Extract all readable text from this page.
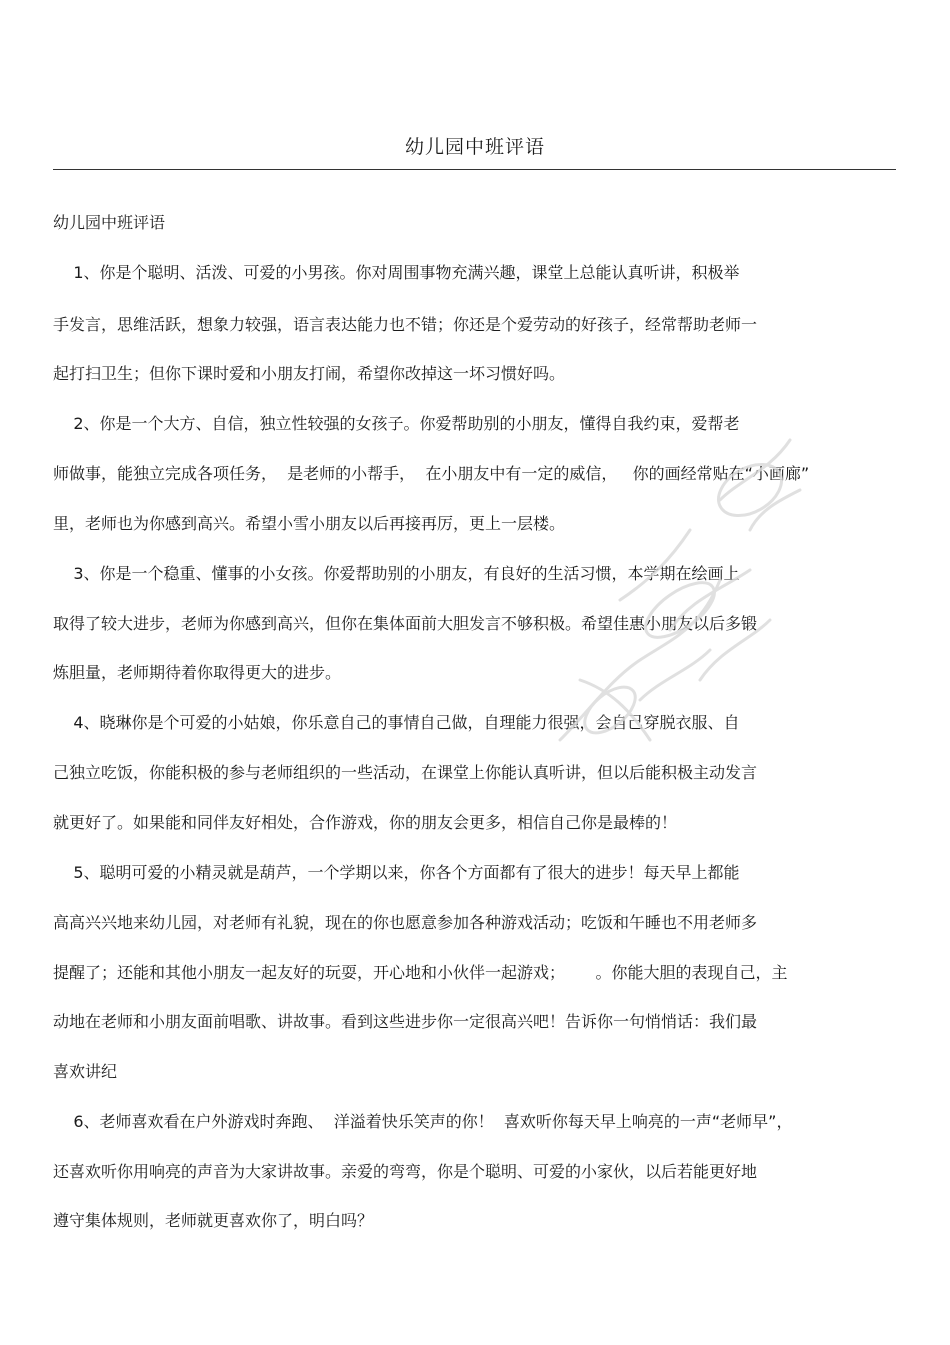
幼儿园中班评语
幼儿园中班评语
1、你是个聪明、活泼、可爱的小男孩。你对周围事物充满兴趣，课堂上总能认真听讲，积极举
手发言，思维活跃，想象力较强，语言表达能力也不错；你还是个爱劳动的好孩子，经常帮助老师一
起打扫卫生；但你下课时爱和小朋友打闹，希望你改掉这一坏习惯好吗。
2、你是一个大方、自信，独立性较强的女孩子。你爱帮助别的小朋友，懂得自我约束，爱帮老
师做事，能独立完成各项任务，  是老师的小帮手，  在小朋友中有一定的威信，   你的画经常贴在“小画廊”
里，老师也为你感到高兴。希望小雪小朋友以后再接再厉，更上一层楼。
3、你是一个稳重、懂事的小女孩。你爱帮助别的小朋友，有良好的生活习惯，本学期在绘画上
取得了较大进步，老师为你感到高兴，但你在集体面前大胆发言不够积极。希望佳惠小朋友以后多锻
炼胆量，老师期待着你取得更大的进步。
4、晓琳你是个可爱的小姑娘，你乐意自己的事情自己做，自理能力很强，会自己穿脱衣服、自
己独立吃饭，你能积极的参与老师组织的一些活动，在课堂上你能认真听讲，但以后能积极主动发言
就更好了。如果能和同伴友好相处，合作游戏，你的朋友会更多，相信自己你是最棒的！
5、聪明可爱的小精灵就是葫芦，一个学期以来，你各个方面都有了很大的进步！每天早上都能
高高兴兴地来幼儿园，对老师有礼貌，现在的你也愿意参加各种游戏活动；吃饭和午睡也不用老师多
提醒了；还能和其他小朋友一起友好的玩耍，开心地和小伙伴一起游戏；      。你能大胆的表现自己，主
动地在老师和小朋友面前唱歌、讲故事。看到这些进步你一定很高兴吧！告诉你一句悄悄话：我们最
喜欢讲纪
6、老师喜欢看在户外游戏时奔跑、  洋溢着快乐笑声的你！  喜欢听你每天早上响亮的一声“老师早”，
还喜欢听你用响亮的声音为大家讲故事。亲爱的弯弯，你是个聪明、可爱的小家伙，以后若能更好地
遵守集体规则，老师就更喜欢你了，明白吗？
